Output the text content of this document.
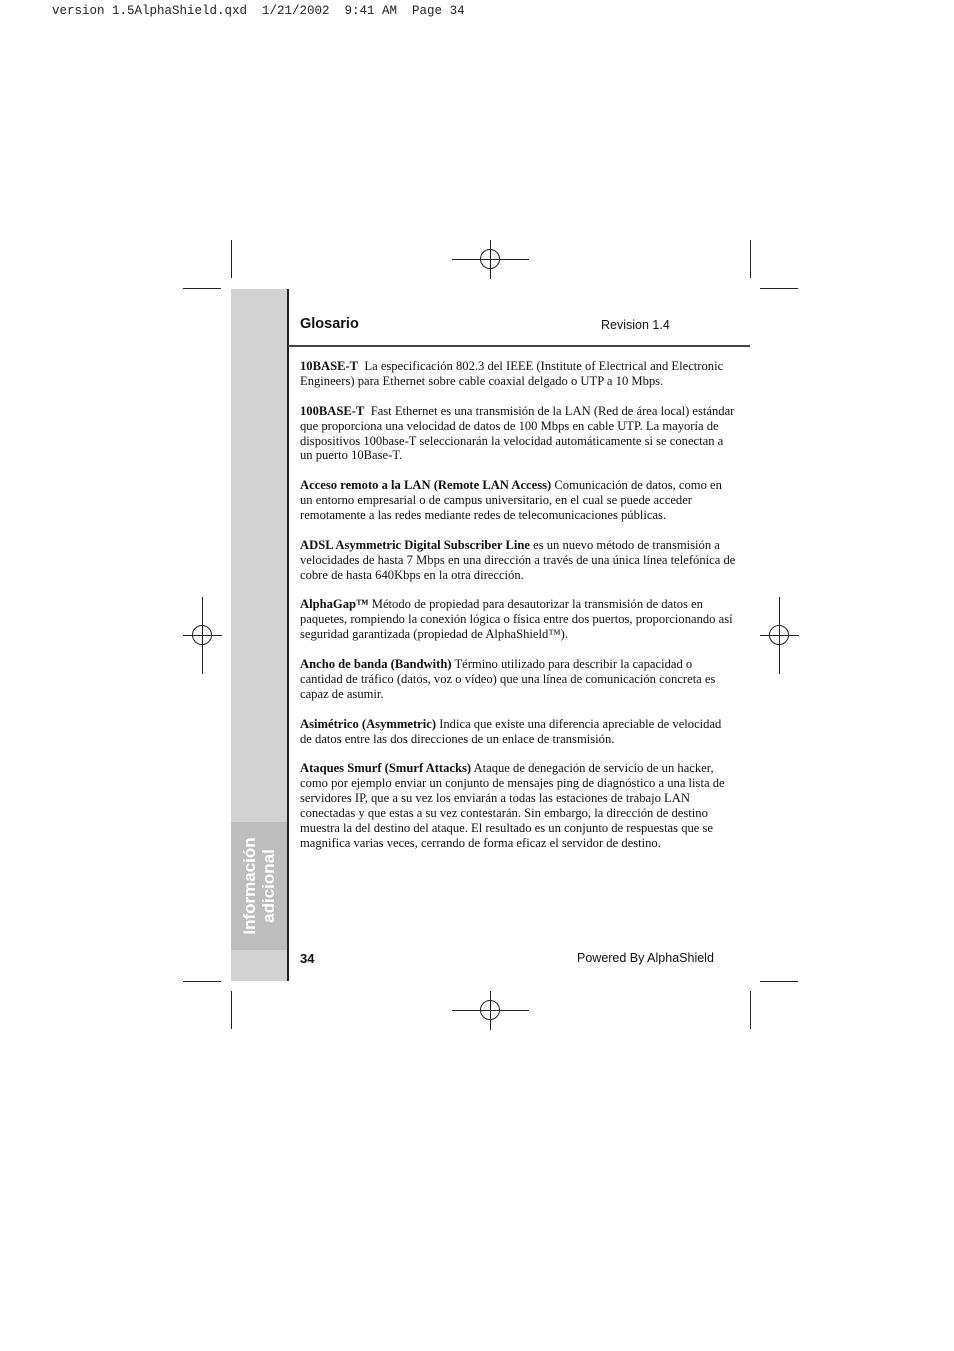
version 1.5AlphaShield.qxd  1/21/2002  9:41 AM  Page 34
Información adicional
Glosario	Revision 1.4

10BASE-T La especificación 802.3 del IEEE (Institute of Electrical and Electronic Engineers) para Ethernet sobre cable coaxial delgado o UTP a 10 Mbps.

100BASE-T Fast Ethernet es una transmisión de la LAN (Red de área local) estándar que proporciona una velocidad de datos de 100 Mbps en cable UTP. La mayoría de dispositivos 100base-T seleccionarán la velocidad automáticamente si se conectan a un puerto 10Base-T.

Acceso remoto a la LAN (Remote LAN Access) Comunicación de datos, como en un entorno empresarial o de campus universitario, en el cual se puede acceder remotamente a las redes mediante redes de telecomunicaciones públicas.

ADSL Asymmetric Digital Subscriber Line es un nuevo método de transmisión a velocidades de hasta 7 Mbps en una dirección a través de una única línea telefónica de cobre de hasta 640Kbps en la otra dirección.

AlphaGap™ Método de propiedad para desautorizar la transmisión de datos en paquetes, rompiendo la conexión lógica o física entre dos puertos, proporcionando así seguridad garantizada (propiedad de AlphaShield™).

Ancho de banda (Bandwith) Término utilizado para describir la capacidad o cantidad de tráfico (datos, voz o vídeo) que una línea de comunicación concreta es capaz de asumir.

Asimétrico (Asymmetric) Indica que existe una diferencia apreciable de velocidad de datos entre las dos direcciones de un enlace de transmisión.

Ataques Smurf (Smurf Attacks) Ataque de denegación de servicio de un hacker, como por ejemplo enviar un conjunto de mensajes ping de diagnóstico a una lista de servidores IP, que a su vez los enviarán a todas las estaciones de trabajo LAN conectadas y que estas a su vez contestarán. Sin embargo, la dirección de destino muestra la del destino del ataque. El resultado es un conjunto de respuestas que se magnifica varias veces, cerrando de forma eficaz el servidor de destino.

34	Powered By AlphaShield
